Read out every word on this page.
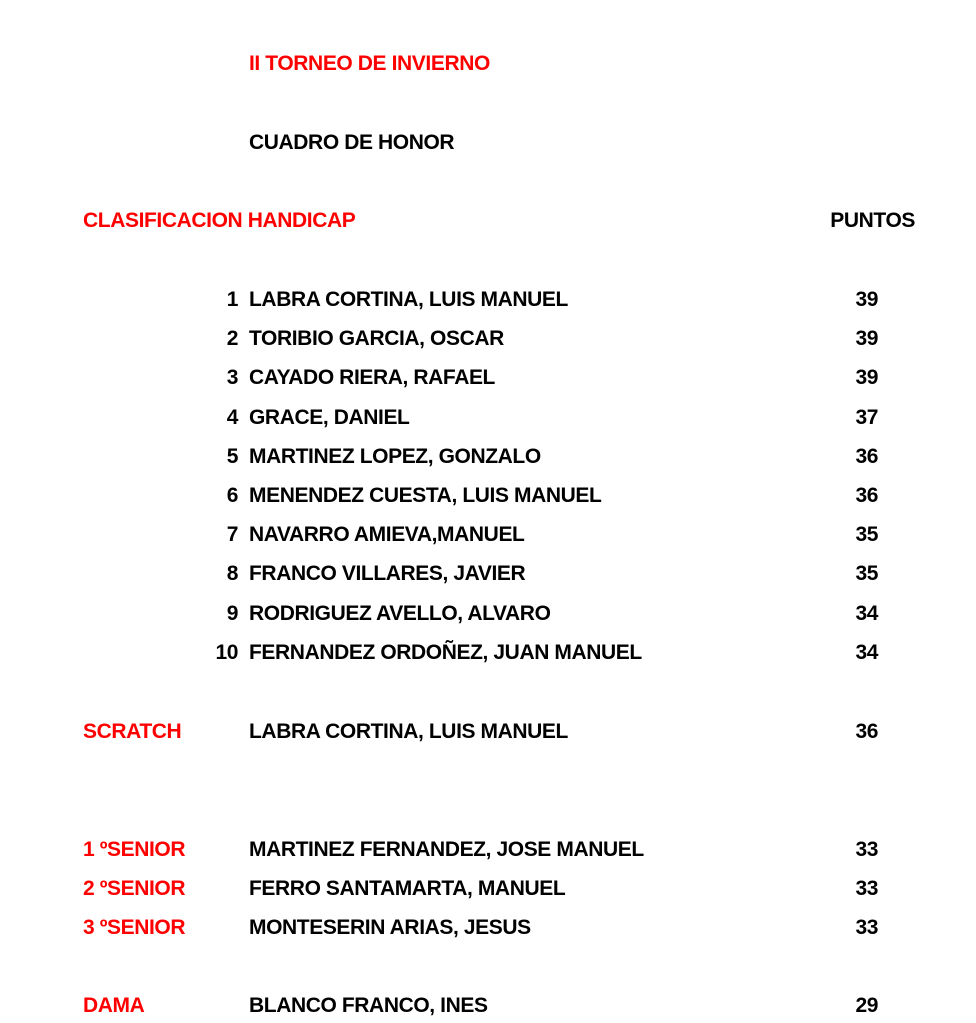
II TORNEO DE INVIERNO
CUADRO DE HONOR
CLASIFICACION HANDICAP	PUNTOS
1 LABRA CORTINA, LUIS MANUEL	39
2 TORIBIO GARCIA, OSCAR	39
3 CAYADO RIERA, RAFAEL	39
4 GRACE, DANIEL	37
5 MARTINEZ LOPEZ, GONZALO	36
6 MENENDEZ CUESTA, LUIS MANUEL	36
7 NAVARRO AMIEVA,MANUEL	35
8 FRANCO VILLARES, JAVIER	35
9 RODRIGUEZ AVELLO, ALVARO	34
10 FERNANDEZ ORDOÑEZ, JUAN MANUEL	34
SCRATCH	LABRA CORTINA, LUIS MANUEL	36
1 ºSENIOR	MARTINEZ FERNANDEZ, JOSE MANUEL	33
2 ºSENIOR	FERRO SANTAMARTA, MANUEL	33
3 ºSENIOR	MONTESERIN ARIAS, JESUS	33
DAMA	BLANCO FRANCO, INES	29
